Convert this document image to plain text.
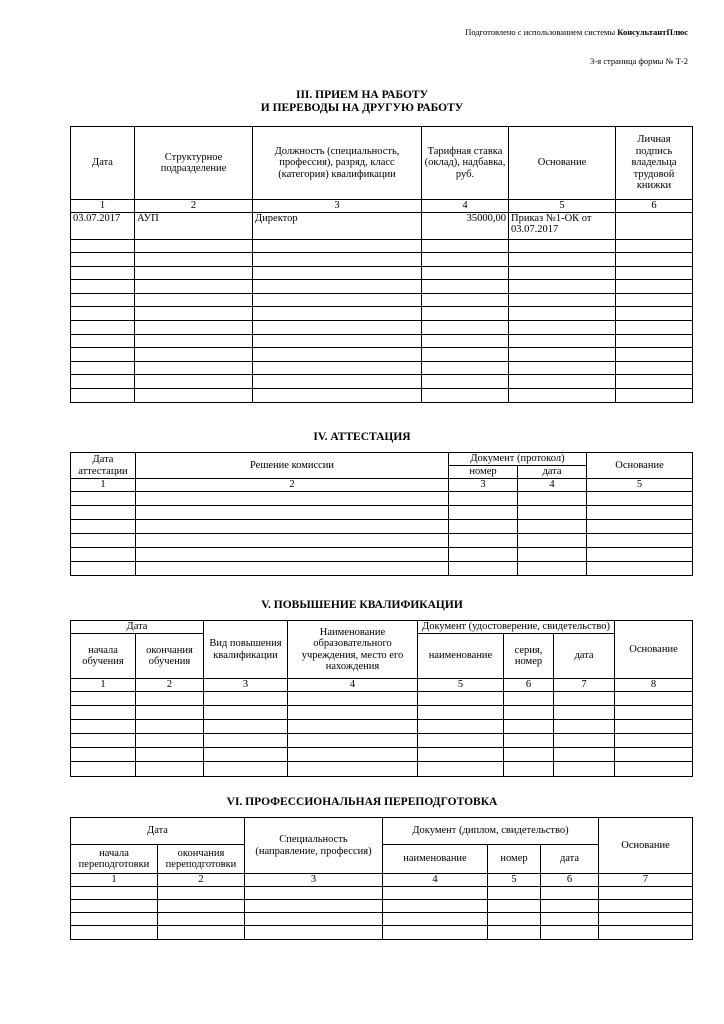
Подготовлено с использованием системы КонсультантПлюс
3-я страница формы № Т-2
III. ПРИЕМ НА РАБОТУ
И ПЕРЕВОДЫ НА ДРУГУЮ РАБОТУ
Дата	Структурное подразделение	Должность (специальность, профессия), разряд, класс (категория) квалификации	Тарифная ставка (оклад), надбавка, руб.	Основание	Личная подпись владельца трудовой книжки
1	2	3	4	5	6
03.07.2017	АУП	Директор	35000,00	Приказ №1-ОК от 03.07.2017	

IV. АТТЕСТАЦИЯ
Дата аттестации	Решение комиссии	Документ (протокол)		Основание
		номер	дата	
1	2	3	4	5

V. ПОВЫШЕНИЕ КВАЛИФИКАЦИИ
Дата		Вид повышения квалификации	Наименование образовательного учреждения, место его нахождения	Документ (удостоверение, свидетельство)			Основание
начала обучения	окончания обучения			наименование	серия, номер	дата	
1	2	3	4	5	6	7	8

VI. ПРОФЕССИОНАЛЬНАЯ ПЕРЕПОДГОТОВКА
Дата		Специальность (направление, профессия)	Документ (диплом, свидетельство)			Основание
начала переподготовки	окончания переподготовки		наименование	номер	дата	
1	2	3	4	5	6	7
